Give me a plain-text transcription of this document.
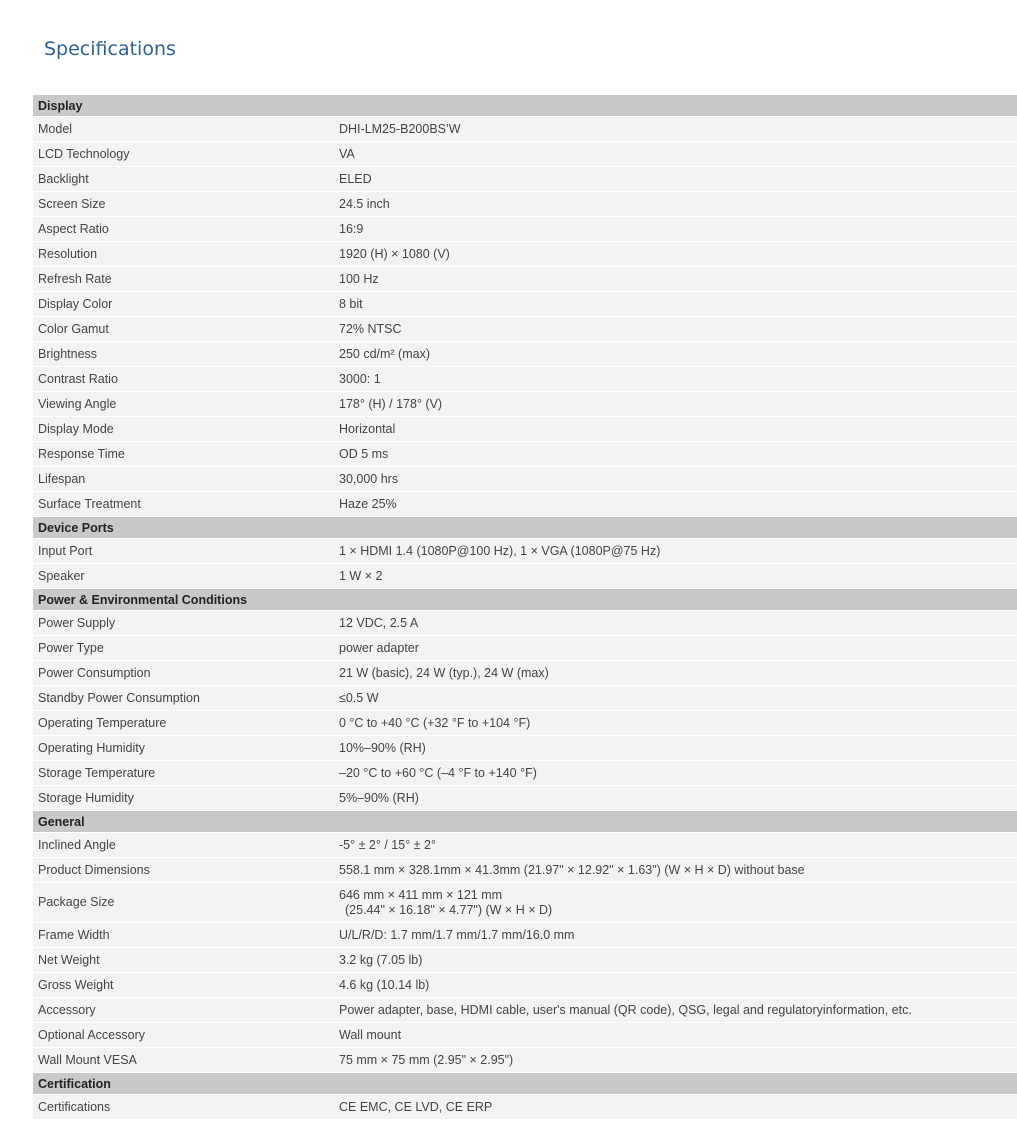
Specifications
Display	
Model	DHI-LM25-B200BS’W
LCD Technology	VA
Backlight	ELED
Screen Size	24.5 inch
Aspect Ratio	16:9
Resolution	1920 (H) × 1080 (V)
Refresh Rate	100 Hz
Display Color	8 bit
Color Gamut	72% NTSC
Brightness	250 cd/m² (max)
Contrast Ratio	3000: 1
Viewing Angle	178° (H) / 178° (V)
Display Mode	Horizontal
Response Time	OD 5 ms
Lifespan	30,000 hrs
Surface Treatment	Haze 25%
Device Ports	
Input Port	1 × HDMI 1.4 (1080P@100 Hz), 1 × VGA (1080P@75 Hz)
Speaker	1 W × 2
Power & Environmental Conditions	
Power Supply	12 VDC, 2.5 A
Power Type	power adapter
Power Consumption	21 W (basic), 24 W (typ.), 24 W (max)
Standby Power Consumption	≤0.5 W
Operating Temperature	0 °C to +40 °C (+32 °F to +104 °F)
Operating Humidity	10%–90% (RH)
Storage Temperature	–20 °C to +60 °C (–4 °F to +140 °F)
Storage Humidity	5%–90% (RH)
General	
Inclined Angle	-5° ± 2° / 15° ± 2°
Product Dimensions	558.1 mm × 328.1mm × 41.3mm (21.97" × 12.92" × 1.63") (W × H × D) without base
Package Size	646 mm × 411 mm × 121 mm
(25.44" × 16.18" × 4.77") (W × H × D)

Frame Width	U/L/R/D: 1.7 mm/1.7 mm/1.7 mm/16.0 mm
Net Weight	3.2 kg (7.05 lb)
Gross Weight	4.6 kg (10.14 lb)
Accessory	Power adapter, base, HDMI cable, user's manual (QR code), QSG, legal and regulatoryinformation, etc.
Optional Accessory	Wall mount
Wall Mount VESA	75 mm × 75 mm (2.95" × 2.95")
Certification	
Certifications	CE EMC, CE LVD, CE ERP
